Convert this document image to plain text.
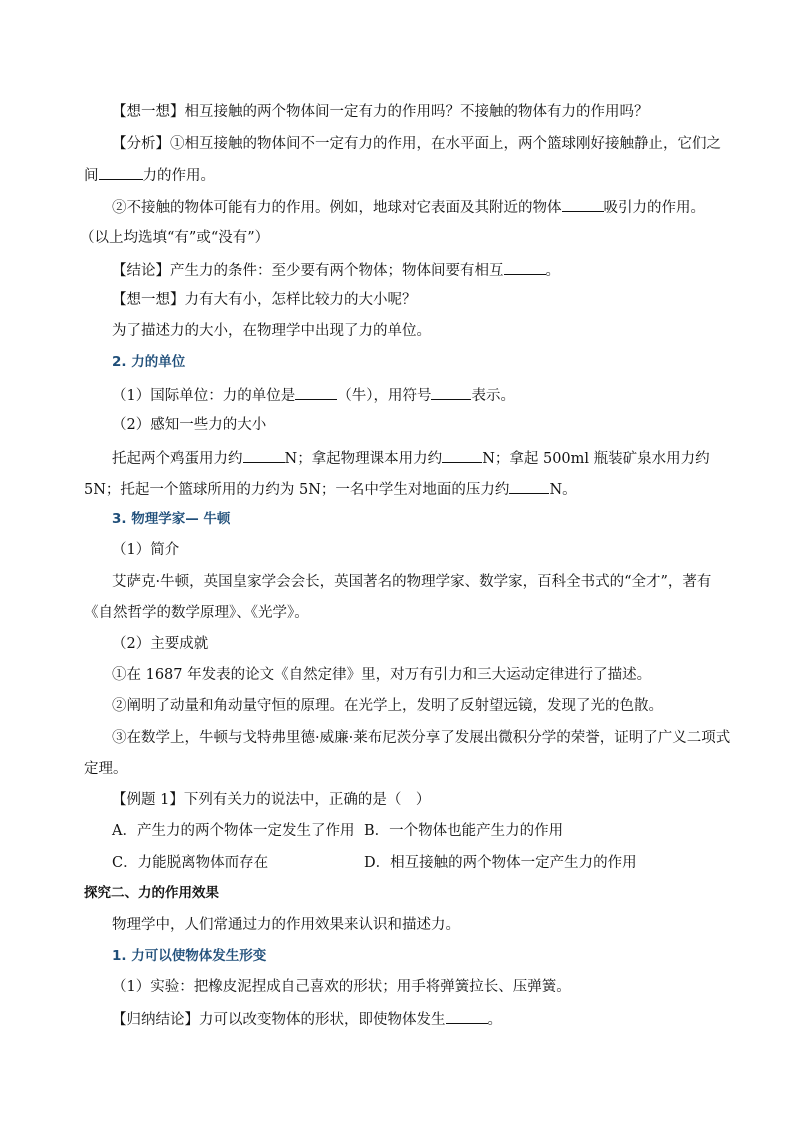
【想一想】相互接触的两个物体间一定有力的作用吗？不接触的物体有力的作用吗？
【分析】①相互接触的物体间不一定有力的作用，在水平面上，两个篮球刚好接触静止，它们之
间	力的作用。
②不接触的物体可能有力的作用。例如，地球对它表面及其附近的物体	吸引力的作用。
（以上均选填“有”或“没有”）
【结论】产生力的条件：至少要有两个物体；物体间要有相互	。
【想一想】力有大有小，怎样比较力的大小呢？
为了描述力的大小，在物理学中出现了力的单位。
2. 力的单位
（1）国际单位：力的单位是	（牛），用符号	表示。
（2）感知一些力的大小
托起两个鸡蛋用力约	N；拿起物理课本用力约	N；拿起 500ml 瓶装矿泉水用力约
5N；托起一个篮球所用的力约为 5N；一名中学生对地面的压力约	N。
3. 物理学家— 牛顿
（1）简介
艾萨克·牛顿，英国皇家学会会长，英国著名的物理学家、数学家，百科全书式的“全才”，著有
《自然哲学的数学原理》、《光学》。
（2）主要成就
①在 1687 年发表的论文《自然定律》里，对万有引力和三大运动定律进行了描述。
②阐明了动量和角动量守恒的原理。在光学上，发明了反射望远镜，发现了光的色散。
③在数学上，牛顿与戈特弗里德·威廉·莱布尼茨分享了发展出微积分学的荣誉，证明了广义二项式
定理。
【例题 1】下列有关力的说法中，正确的是（　）
A．产生力的两个物体一定发生了作用 B．一个物体也能产生力的作用
C．力能脱离物体而存在	D．相互接触的两个物体一定产生力的作用
探究二、力的作用效果
物理学中，人们常通过力的作用效果来认识和描述力。
1. 力可以使物体发生形变
（1）实验：把橡皮泥捏成自己喜欢的形状；用手将弹簧拉长、压弹簧。
【归纳结论】力可以改变物体的形状，即使物体发生	。
